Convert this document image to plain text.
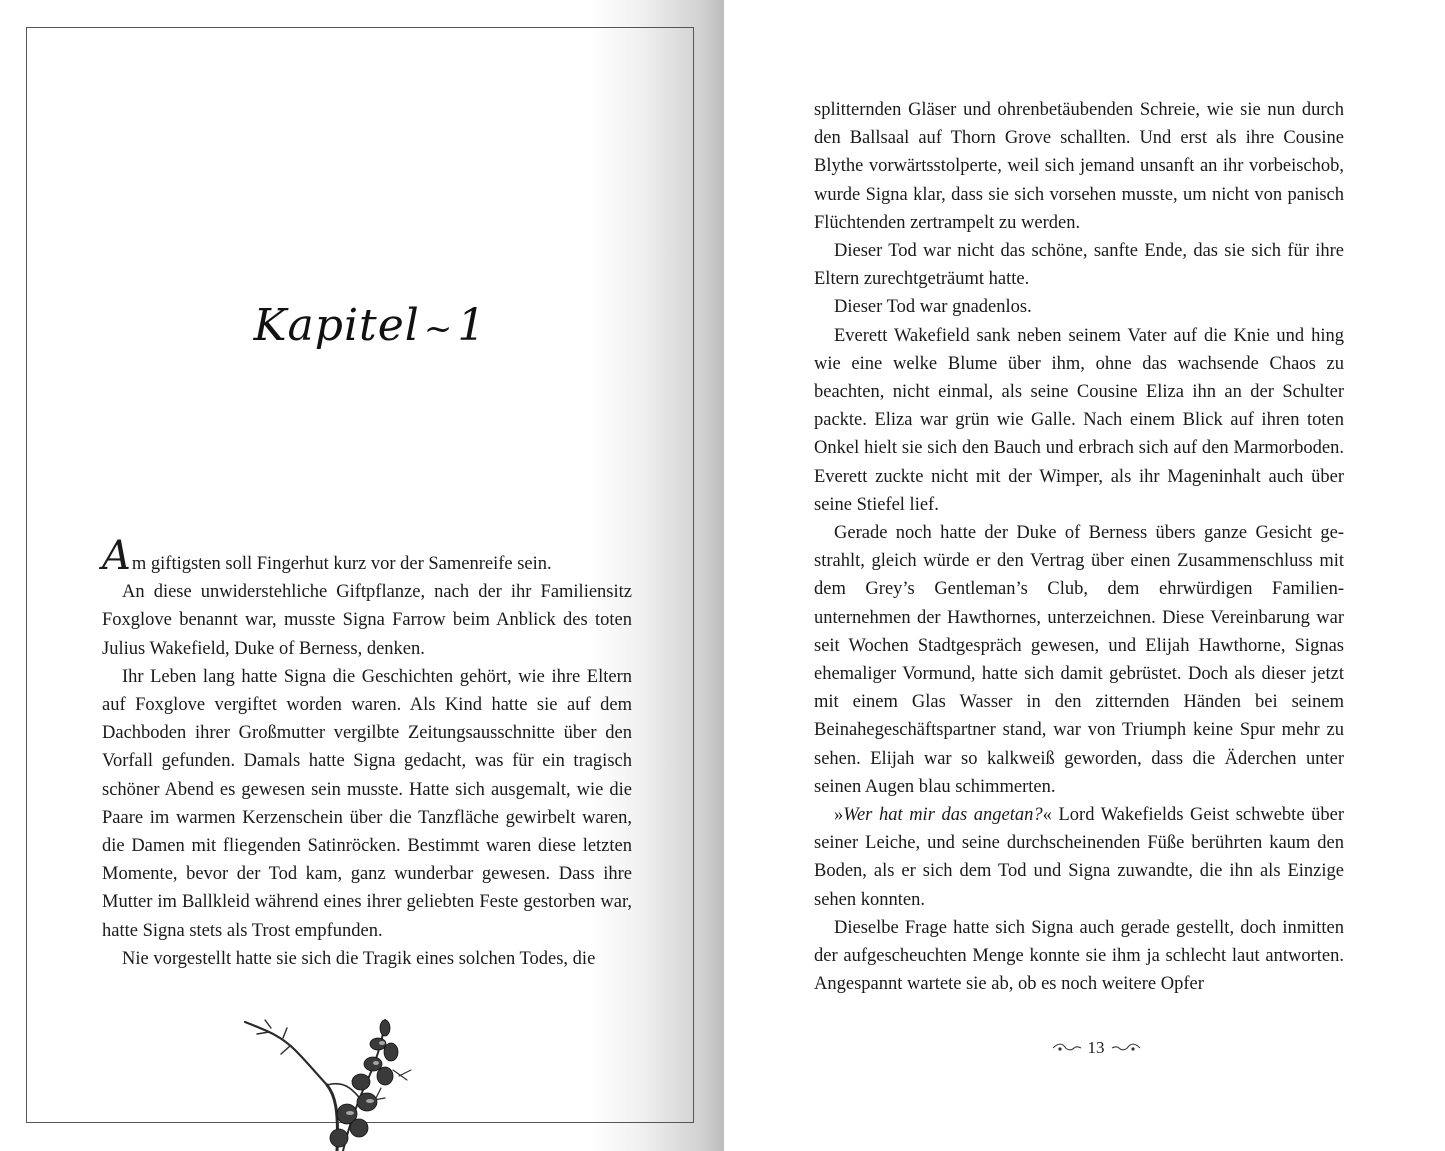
Kapitel ~1

Am giftigsten soll Fingerhut kurz vor der Samenreife sein.

An diese unwiderstehliche Giftpflanze, nach der ihr Familiensitz Foxglove benannt war, musste Signa Farrow beim Anblick des toten Julius Wakefield, Duke of Berness, denken.

Ihr Leben lang hatte Signa die Geschichten gehört, wie ihre Eltern auf Foxglove vergiftet worden waren. Als Kind hatte sie auf dem Dachboden ihrer Großmutter vergilbte Zeitungsausschnitte über den Vorfall gefunden. Damals hatte Signa gedacht, was für ein tragisch schöner Abend es gewesen sein musste. Hatte sich ausgemalt, wie die Paare im warmen Kerzenschein über die Tanzfläche gewirbelt waren, die Damen mit fliegenden Satinröcken. Bestimmt waren diese letzten Momente, bevor der Tod kam, ganz wunderbar gewesen. Dass ihre Mutter im Ballkleid während eines ihrer geliebten Feste gestorben war, hatte Signa stets als Trost empfunden.

Nie vorgestellt hatte sie sich die Tragik eines solchen Todes, die

splitternden Gläser und ohrenbetäubenden Schreie, wie sie nun durch den Ballsaal auf Thorn Grove schallten. Und erst als ihre Cousine Blythe vorwärtsstolperte, weil sich jemand unsanft an ihr vorbeischob, wurde Signa klar, dass sie sich vorsehen musste, um nicht von panisch Flüchtenden zertrampelt zu werden.

Dieser Tod war nicht das schöne, sanfte Ende, das sie sich für ihre Eltern zurechtgeträumt hatte.

Dieser Tod war gnadenlos.

Everett Wakefield sank neben seinem Vater auf die Knie und hing wie eine welke Blume über ihm, ohne das wachsende Chaos zu beachten, nicht einmal, als seine Cousine Eliza ihn an der Schulter packte. Eliza war grün wie Galle. Nach einem Blick auf ihren toten Onkel hielt sie sich den Bauch und erbrach sich auf den Marmorboden. Everett zuckte nicht mit der Wimper, als ihr Mageninhalt auch über seine Stiefel lief.

Gerade noch hatte der Duke of Berness übers ganze Gesicht gestrahlt, gleich würde er den Vertrag über einen Zusammenschluss mit dem Grey’s Gentleman’s Club, dem ehrwürdigen Familienunternehmen der Hawthornes, unterzeichnen. Diese Vereinbarung war seit Wochen Stadtgespräch gewesen, und Elijah Hawthorne, Signas ehemaliger Vormund, hatte sich damit gebrüstet. Doch als dieser jetzt mit einem Glas Wasser in den zitternden Händen bei seinem Beinahegeschäftspartner stand, war von Triumph keine Spur mehr zu sehen. Elijah war so kalkweiß geworden, dass die Äderchen unter seinen Augen blau schimmerten.

»Wer hat mir das angetan?« Lord Wakefields Geist schwebte über seiner Leiche, und seine durchscheinenden Füße berührten kaum den Boden, als er sich dem Tod und Signa zuwandte, die ihn als Einzige sehen konnten.

Dieselbe Frage hatte sich Signa auch gerade gestellt, doch inmitten der aufgescheuchten Menge konnte sie ihm ja schlecht laut antworten. Angespannt wartete sie ab, ob es noch weitere Opfer

13
